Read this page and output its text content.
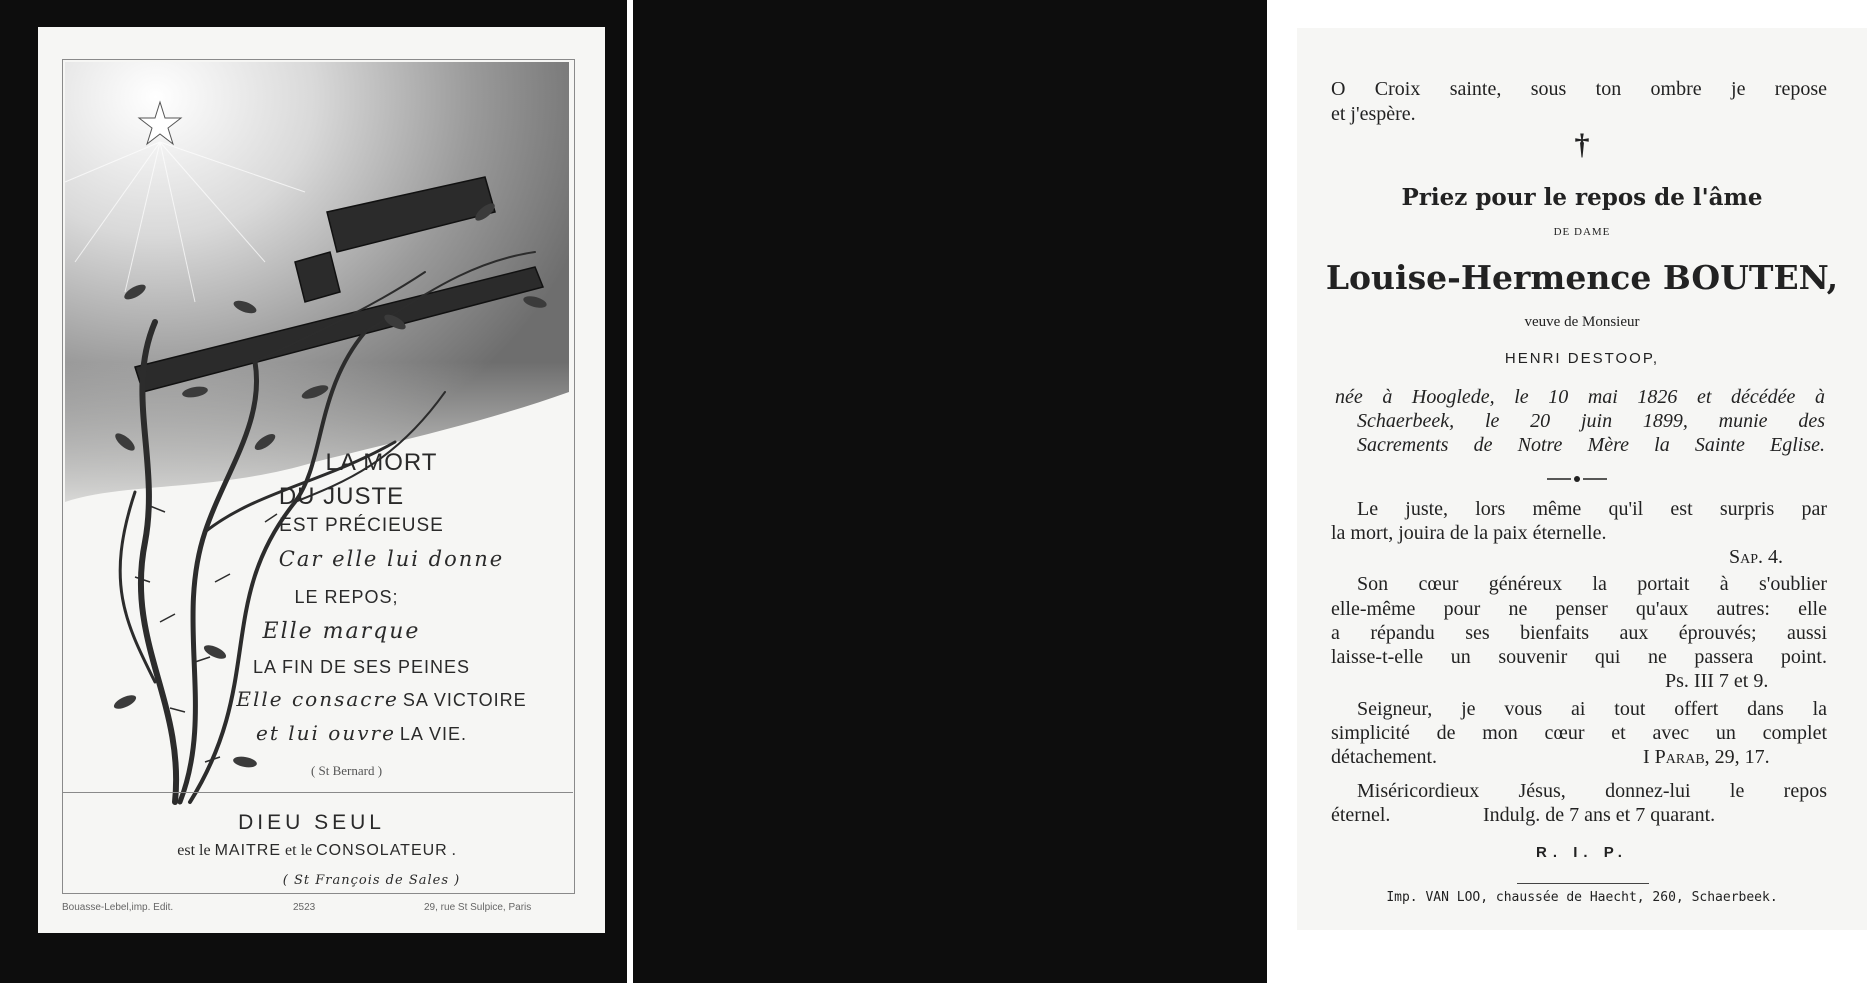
LA MORT
DU JUSTE
EST PRÉCIEUSE
Car elle lui donne
LE REPOS;
Elle marque
LA FIN DE SES PEINES
Elle consacre SA VICTOIRE
et lui ouvre LA VIE.
( St Bernard )
DIEU SEUL
est le MAITRE et le CONSOLATEUR .
( St François de Sales )
Bouasse-Lebel,imp. Edit.	2523	29, rue St Sulpice, Paris
O Croix sainte, sous ton ombre je repose
et j'espère.
†
Priez pour le repos de l'âme
DE DAME
Louise-Hermence BOUTEN,
veuve de Monsieur
HENRI DESTOOP,
née à Hooglede, le 10 mai 1826 et décédée à
Schaerbeek, le 20 juin 1899, munie des
Sacrements de Notre Mère la Sainte Eglise.
Le juste, lors même qu'il est surpris par
la mort, jouira de la paix éternelle.
Sap. 4.
Son cœur généreux la portait à s'oublier
elle-même pour ne penser qu'aux autres: elle
a répandu ses bienfaits aux éprouvés; aussi
laisse-t-elle un souvenir qui ne passera point.
Ps. III 7 et 9.
Seigneur, je vous ai tout offert dans la
simplicité de mon cœur et avec un complet
détachement.	I Parab, 29, 17.
Miséricordieux Jésus, donnez-lui le repos
éternel.	Indulg. de 7 ans et 7 quarant.
R. I. P.
Imp. VAN LOO, chaussée de Haecht, 260, Schaerbeek.
